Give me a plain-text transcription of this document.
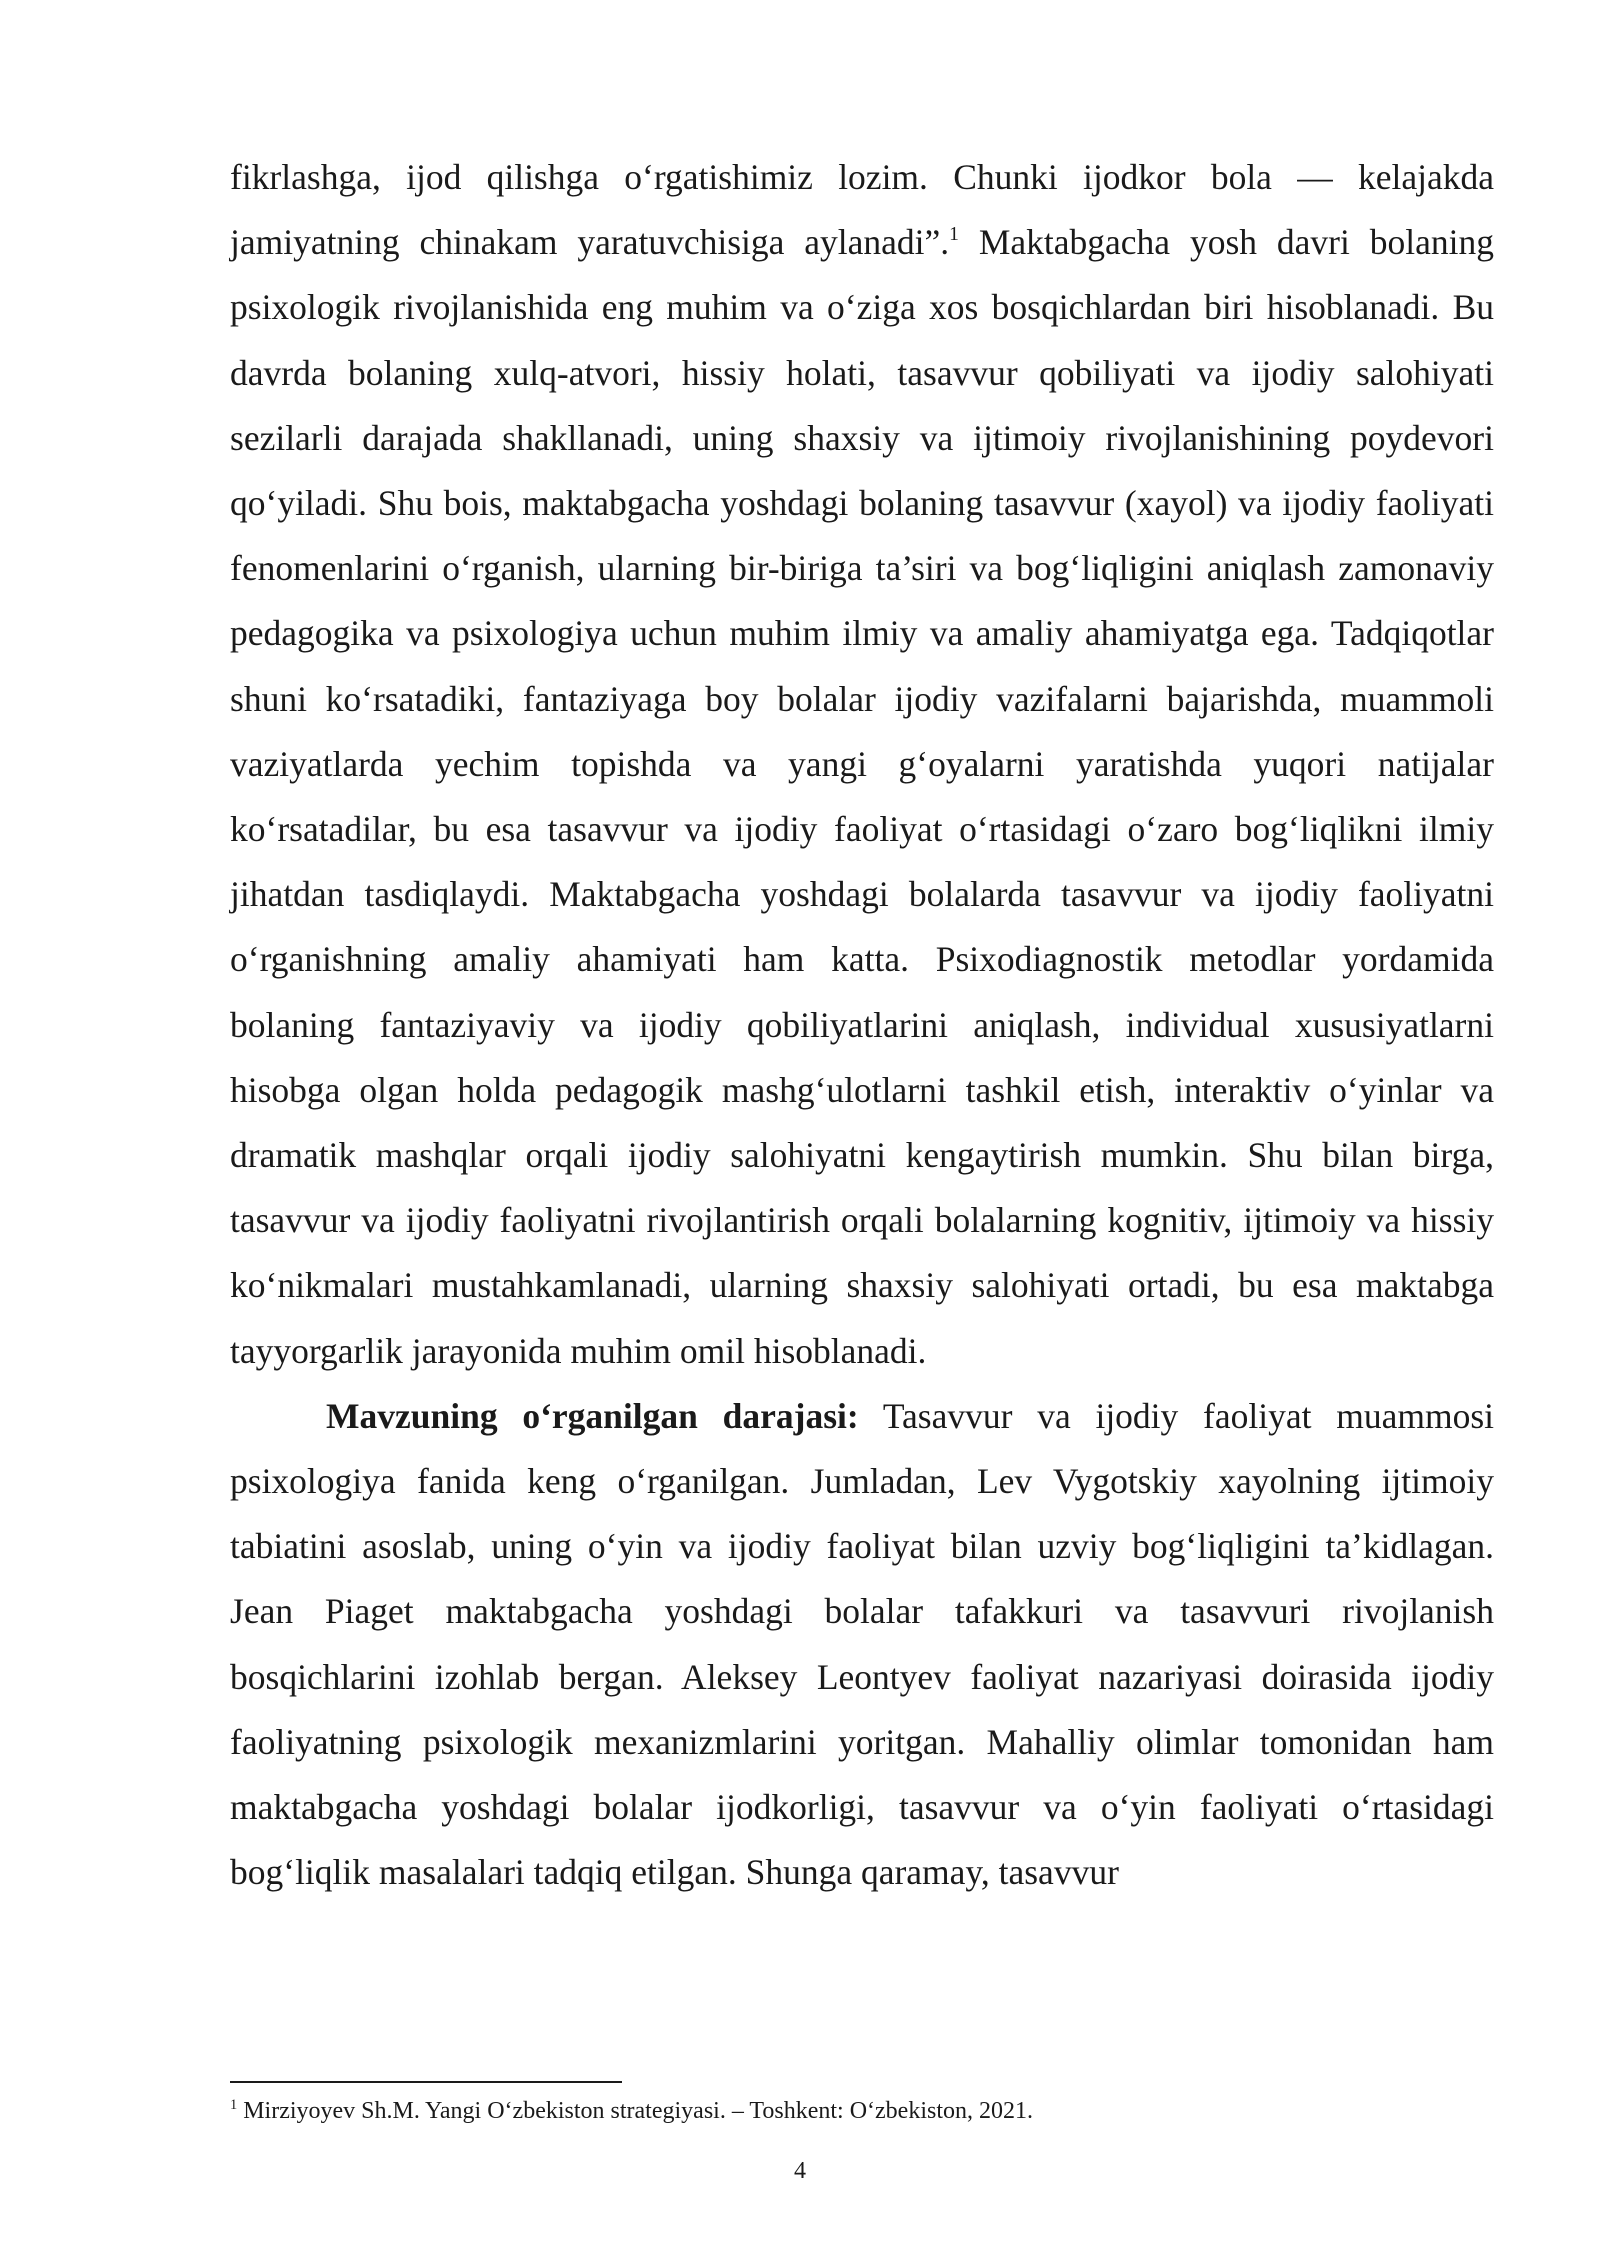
fikrlashga, ijod qilishga o‘rgatishimiz lozim. Chunki ijodkor bola — kelajakda jamiyatning chinakam yaratuvchisiga aylanadi”.$^1$ Maktabgacha yosh davri bolaning psixologik rivojlanishida eng muhim va o‘ziga xos bosqichlardan biri hisoblanadi. Bu davrda bolaning xulq-atvori, hissiy holati, tasavvur qobiliyati va ijodiy salohiyati sezilarli darajada shakllanadi, uning shaxsiy va ijtimoiy rivojlanishining poydevori qo‘yiladi. Shu bois, maktabgacha yoshdagi bolaning tasavvur (xayol) va ijodiy faoliyati fenomenlarini o‘rganish, ularning bir-biriga ta’siri va bog‘liqligini aniqlash zamonaviy pedagogika va psixologiya uchun muhim ilmiy va amaliy ahamiyatga ega. Tadqiqotlar shuni ko‘rsatadiki, fantaziyaga boy bolalar ijodiy vazifalarni bajarishda, muammoli vaziyatlarda yechim topishda va yangi g‘oyalarni yaratishda yuqori natijalar ko‘rsatadilar, bu esa tasavvur va ijodiy faoliyat o‘rtasidagi o‘zaro bog‘liqlikni ilmiy jihatdan tasdiqlaydi. Maktabgacha yoshdagi bolalarda tasavvur va ijodiy faoliyatni o‘rganishning amaliy ahamiyati ham katta. Psixodiagnostik metodlar yordamida bolaning fantaziyaviy va ijodiy qobiliyatlarini aniqlash, individual xususiyatlarni hisobga olgan holda pedagogik mashg‘ulotlarni tashkil etish, interaktiv o‘yinlar va dramatik mashqlar orqali ijodiy salohiyatni kengaytirish mumkin. Shu bilan birga, tasavvur va ijodiy faoliyatni rivojlantirish orqali bolalarning kognitiv, ijtimoiy va hissiy ko‘nikmalari mustahkamlanadi, ularning shaxsiy salohiyati ortadi, bu esa maktabga tayyorgarlik jarayonida muhim omil hisoblanadi.

Mavzuning o‘rganilgan darajasi: Tasavvur va ijodiy faoliyat muammosi psixologiya fanida keng o‘rganilgan. Jumladan, Lev Vygotskiy xayolning ijtimoiy tabiatini asoslab, uning o‘yin va ijodiy faoliyat bilan uzviy bog‘liqligini ta’kidlagan. Jean Piaget maktabgacha yoshdagi bolalar tafakkuri va tasavvuri rivojlanish bosqichlarini izohlab bergan. Aleksey Leontyev faoliyat nazariyasi doirasida ijodiy faoliyatning psixologik mexanizmlarini yoritgan. Mahalliy olimlar tomonidan ham maktabgacha yoshdagi bolalar ijodkorligi, tasavvur va o‘yin faoliyati o‘rtasidagi bog‘liqlik masalalari tadqiq etilgan. Shunga qaramay, tasavvur

$^1$ Mirziyoyev Sh.M. Yangi O‘zbekiston strategiyasi. – Toshkent: O‘zbekiston, 2021.
4
